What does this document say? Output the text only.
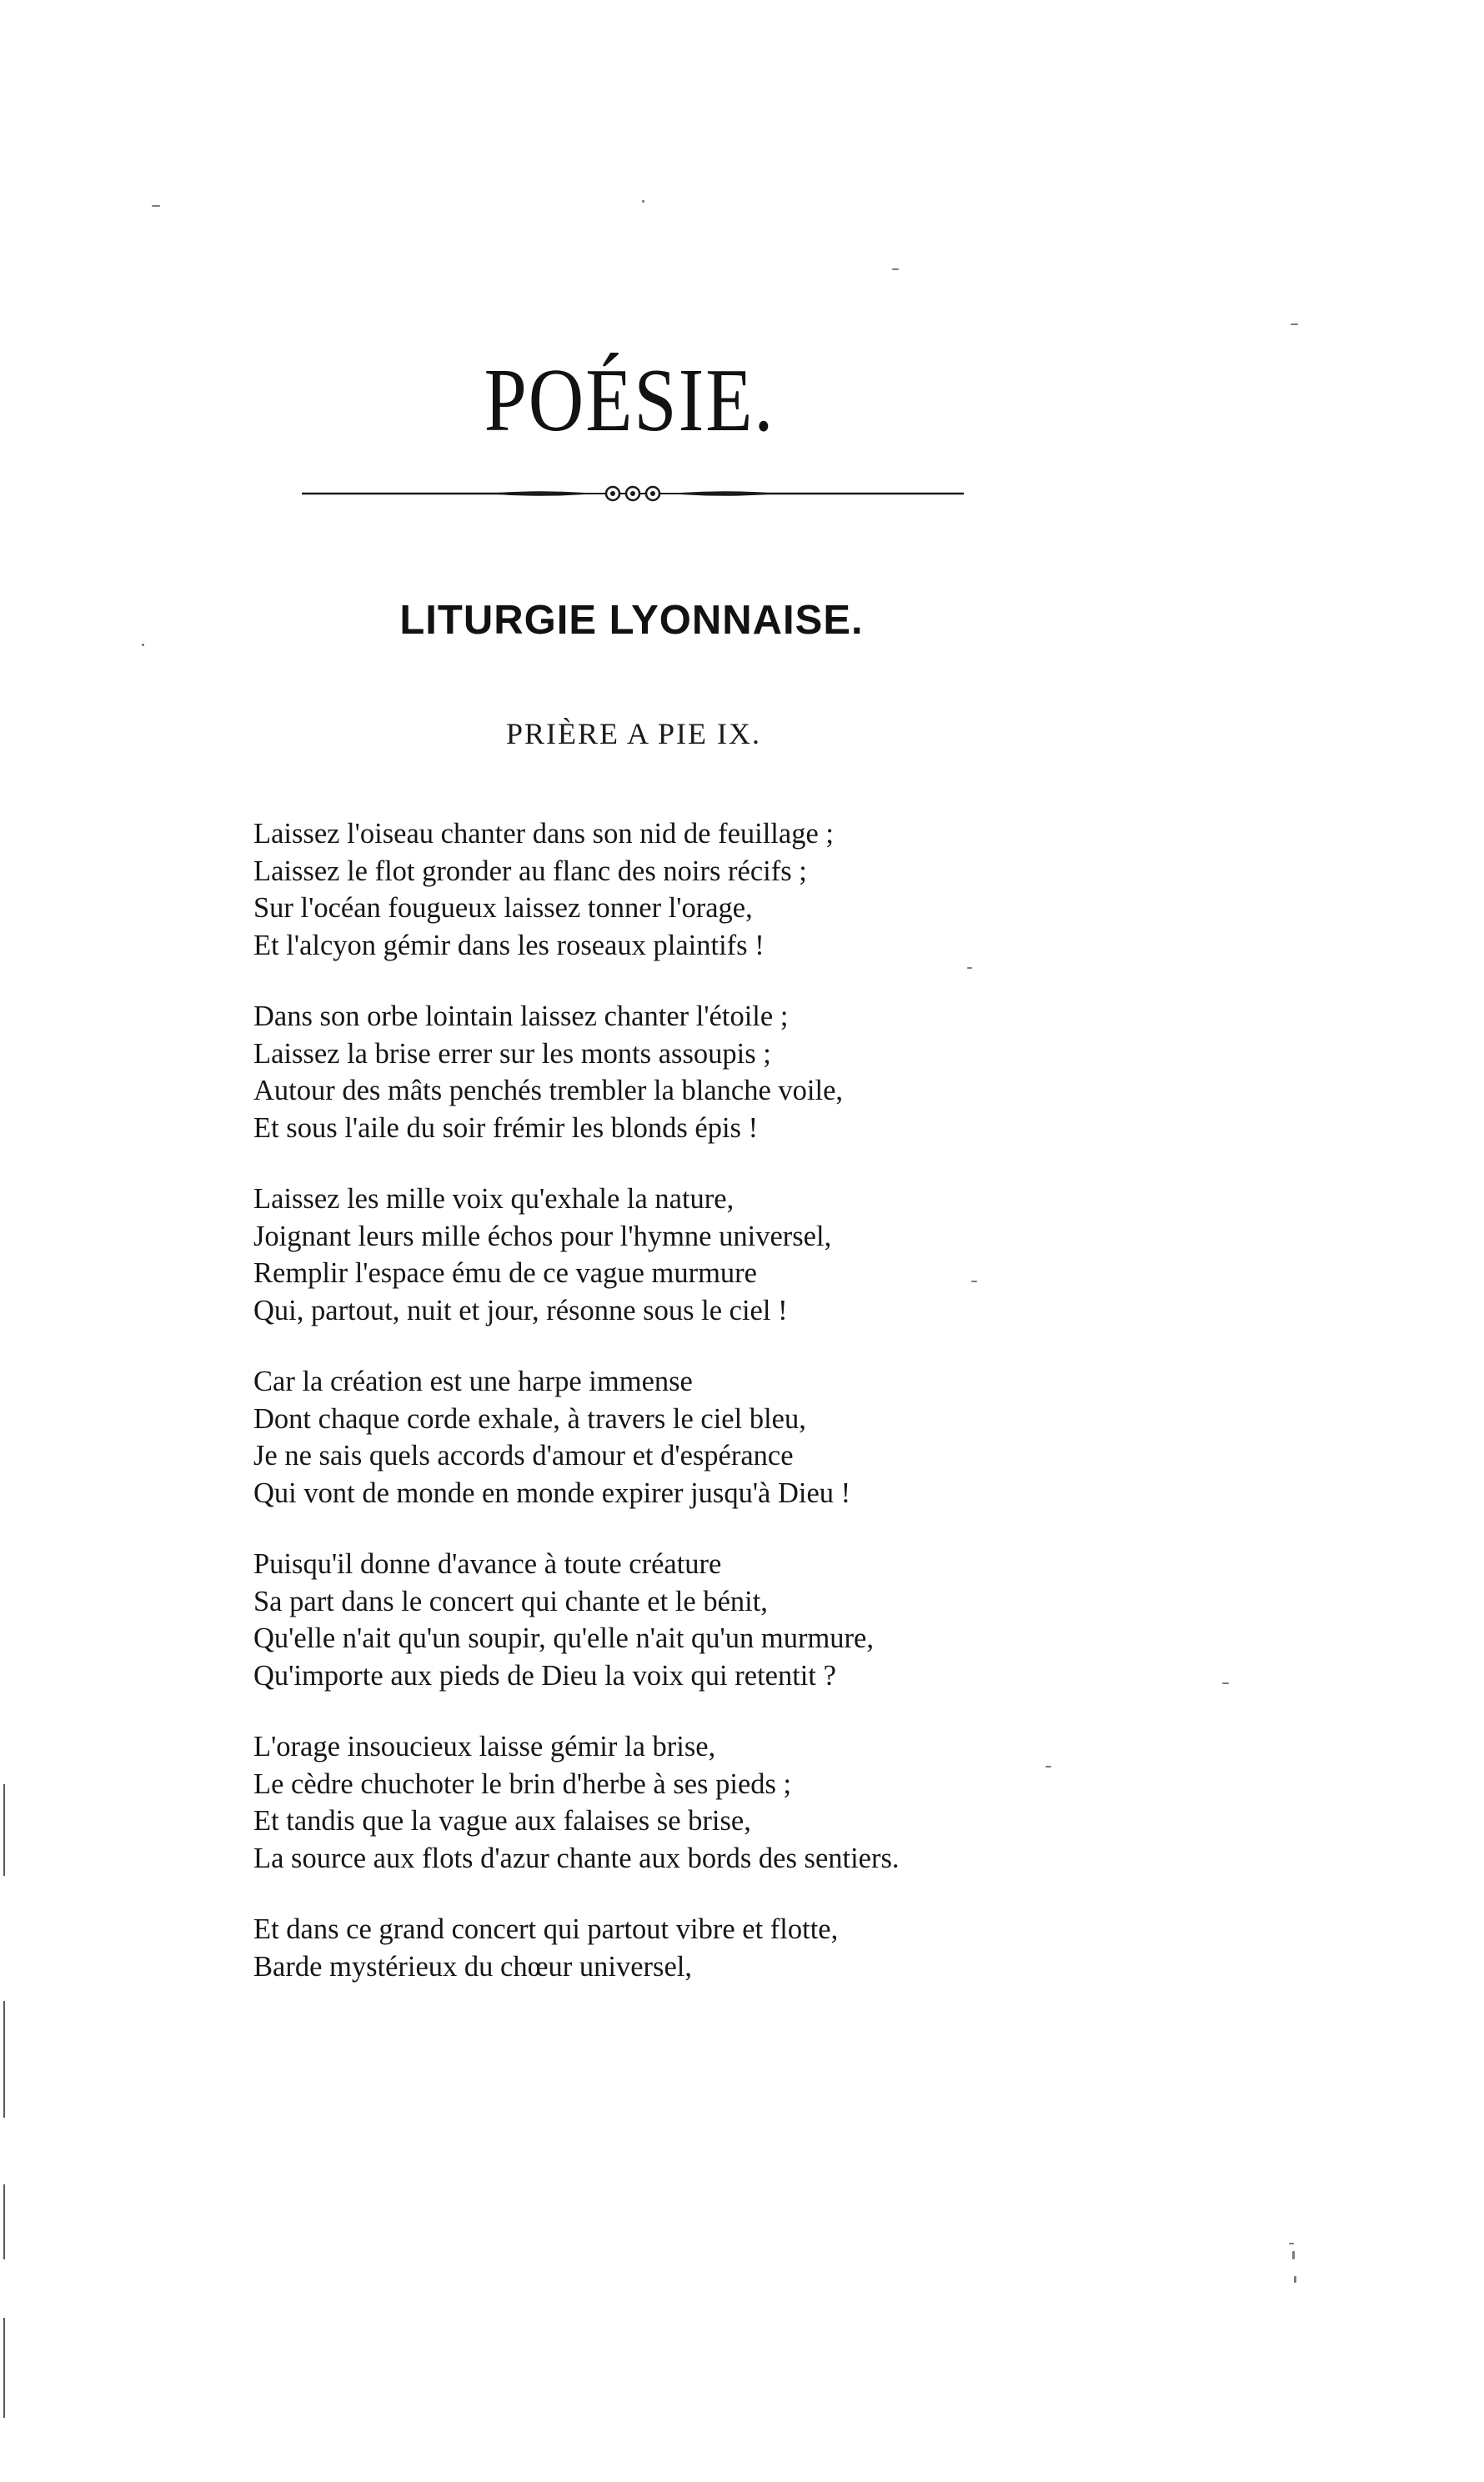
POÉSIE.
LITURGIE LYONNAISE.
PRIÈRE A PIE IX.
Laissez l'oiseau chanter dans son nid de feuillage ;
Laissez le flot gronder au flanc des noirs récifs ;
Sur l'océan fougueux laissez tonner l'orage,
Et l'alcyon gémir dans les roseaux plaintifs !
Dans son orbe lointain laissez chanter l'étoile ;
Laissez la brise errer sur les monts assoupis ;
Autour des mâts penchés trembler la blanche voile,
Et sous l'aile du soir frémir les blonds épis !
Laissez les mille voix qu'exhale la nature,
Joignant leurs mille échos pour l'hymne universel,
Remplir l'espace ému de ce vague murmure
Qui, partout, nuit et jour, résonne sous le ciel !
Car la création est une harpe immense
Dont chaque corde exhale, à travers le ciel bleu,
Je ne sais quels accords d'amour et d'espérance
Qui vont de monde en monde expirer jusqu'à Dieu !
Puisqu'il donne d'avance à toute créature
Sa part dans le concert qui chante et le bénit,
Qu'elle n'ait qu'un soupir, qu'elle n'ait qu'un murmure,
Qu'importe aux pieds de Dieu la voix qui retentit ?
L'orage insoucieux laisse gémir la brise,
Le cèdre chuchoter le brin d'herbe à ses pieds ;
Et tandis que la vague aux falaises se brise,
La source aux flots d'azur chante aux bords des sentiers.
Et dans ce grand concert qui partout vibre et flotte,
Barde mystérieux du chœur universel,
